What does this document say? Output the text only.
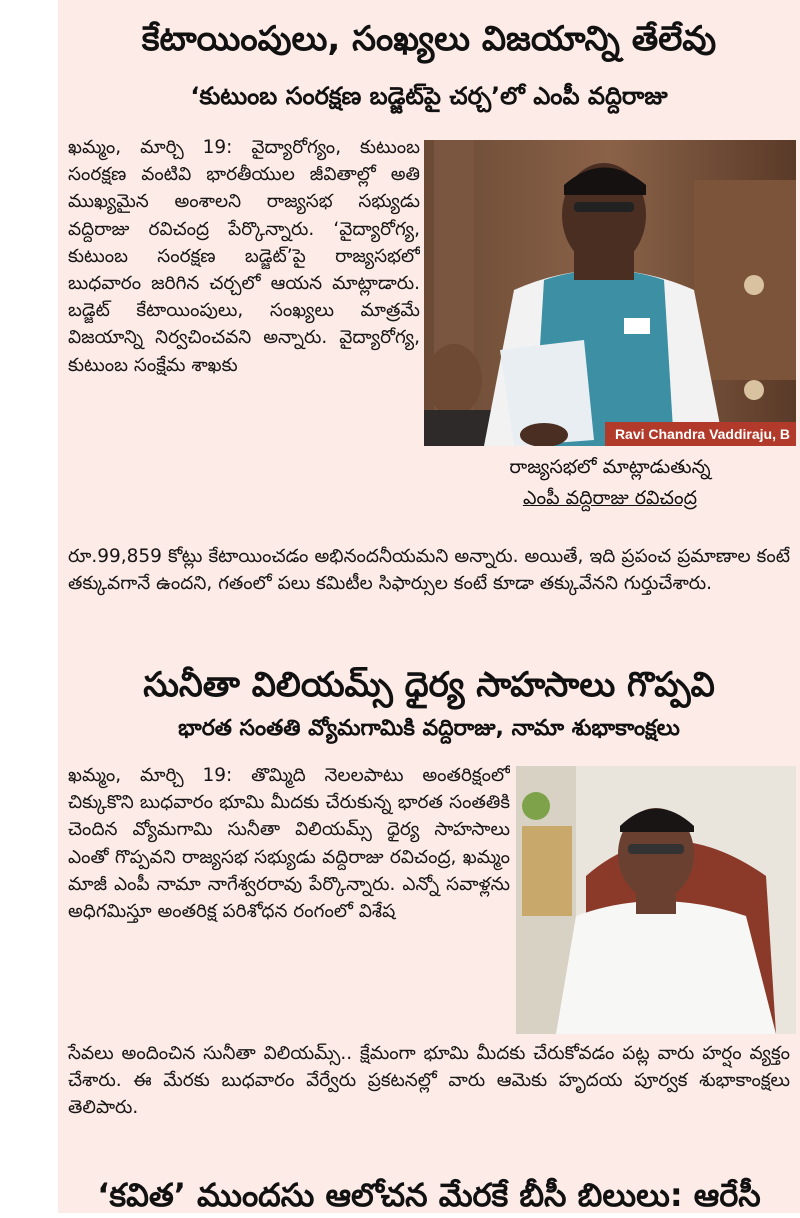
కేటాయింపులు, సంఖ్యలు విజయాన్ని తేలేవు
‘కుటుంబ సంరక్షణ బడ్జెట్‌పై చర్చ’లో ఎంపీ వద్దిరాజు
ఖమ్మం, మార్చి 19: వైద్యారోగ్యం, కుటుంబ సంరక్షణ వంటివి భారతీయుల జీవితాల్లో అతి ముఖ్యమైన అంశాలని రాజ్యసభ సభ్యుడు వద్దిరాజు రవిచంద్ర పేర్కొన్నారు. ‘వైద్యారోగ్య, కుటుంబ సంరక్షణ బడ్జెట్’పై రాజ్యసభలో బుధవారం జరిగిన చర్చలో ఆయన మాట్లాడారు. బడ్జెట్ కేటాయింపులు, సంఖ్యలు మాత్రమే విజయాన్ని నిర్వచించవని అన్నారు. వైద్యారోగ్య, కుటుంబ సంక్షేమ శాఖకు
Ravi Chandra Vaddiraju, B
రాజ్యసభలో మాట్లాడుతున్న
ఎంపీ వద్దిరాజు రవిచంద్ర
రూ.99,859 కోట్లు కేటాయించడం అభినందనీయమని అన్నారు. అయితే, ఇది ప్రపంచ ప్రమాణాల కంటే తక్కువగానే ఉందని, గతంలో పలు కమిటీల సిఫార్సుల కంటే కూడా తక్కువేనని గుర్తుచేశారు.
సునీతా విలియమ్స్ ధైర్య సాహసాలు గొప్పవి
భారత సంతతి వ్యోమగామికి వద్దిరాజు, నామా శుభాకాంక్షలు
ఖమ్మం, మార్చి 19: తొమ్మిది నెలలపాటు అంతరిక్షంలో చిక్కుకొని బుధవారం భూమి మీదకు చేరుకున్న భారత సంతతికి చెందిన వ్యోమగామి సునీతా విలియమ్స్ ధైర్య సాహసాలు ఎంతో గొప్పవని రాజ్యసభ సభ్యుడు వద్దిరాజు రవిచంద్ర, ఖమ్మం మాజీ ఎంపీ నామా నాగేశ్వరరావు పేర్కొన్నారు. ఎన్నో సవాళ్లను అధిగమిస్తూ అంతరిక్ష పరిశోధన రంగంలో విశేష
సేవలు అందించిన సునీతా విలియమ్స్.. క్షేమంగా భూమి మీదకు చేరుకోవడం పట్ల వారు హర్షం వ్యక్తం చేశారు. ఈ మేరకు బుధవారం వేర్వేరు ప్రకటనల్లో వారు ఆమెకు హృదయ పూర్వక శుభాకాంక్షలు తెలిపారు.
‘కవిత’ ముందసు ఆలోచన మేరకే బీసీ బిలులు: ఆరేసీ
